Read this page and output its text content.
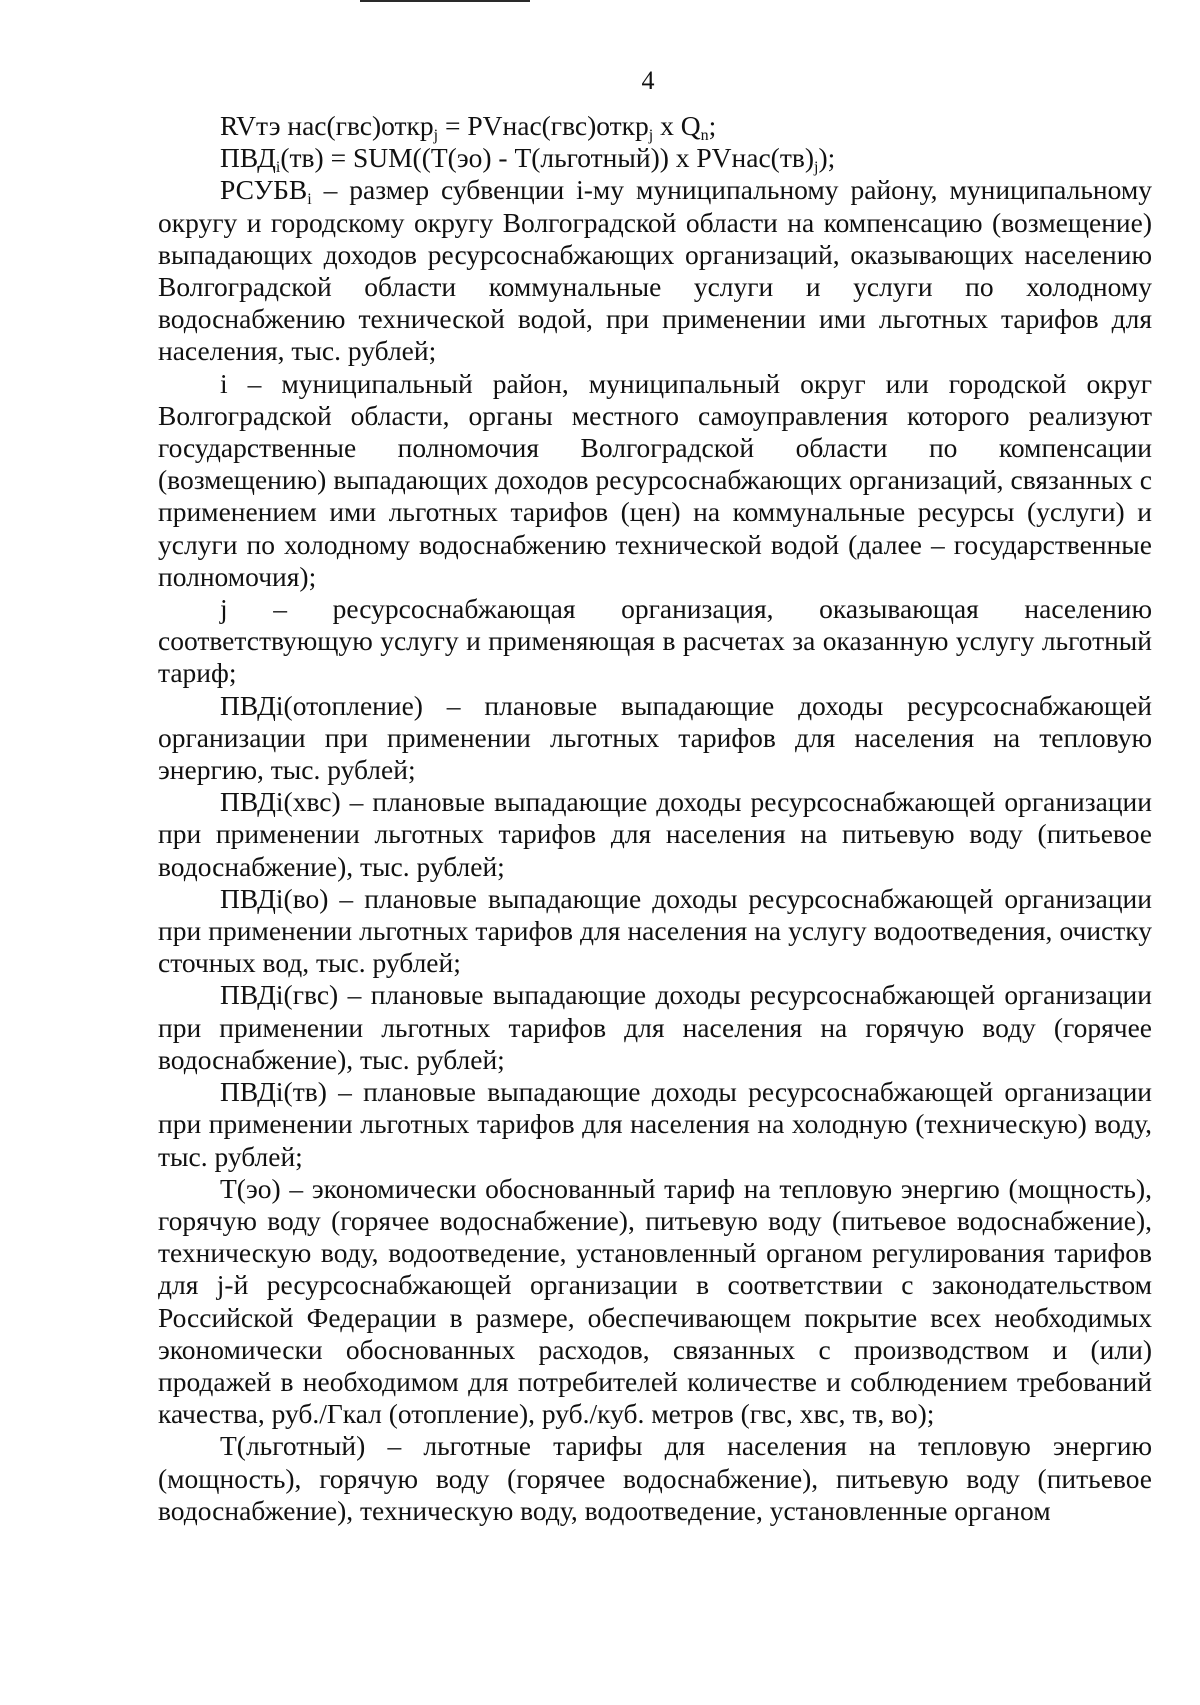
4

RVтэ нас(гвс)откр$_j$ = PVнас(гвс)откр$_j$ x $Q_n$;

$ПВД_i(тв) = SUM((Т(эо)$ - Т(льготный)) x $PVнас(тв)_j$);

$РСУБВ_i$ – размер субвенции i-му муниципальному району, муниципальному округу и городскому округу Волгоградской области на компенсацию (возмещение) выпадающих доходов ресурсоснабжающих организаций, оказывающих населению Волгоградской области коммунальные услуги и услуги по холодному водоснабжению технической водой, при применении ими льготных тарифов для населения, тыс. рублей;

i – муниципальный район, муниципальный округ или городской округ Волгоградской области, органы местного самоуправления которого реализуют государственные полномочия Волгоградской области по компенсации (возмещению) выпадающих доходов ресурсоснабжающих организаций, связанных с применением ими льготных тарифов (цен) на коммунальные ресурсы (услуги) и услуги по холодному водоснабжению технической водой (далее – государственные полномочия);

j – ресурсоснабжающая организация, оказывающая населению соответствующую услугу и применяющая в расчетах за оказанную услугу льготный тариф;

ПВДi(отопление) – плановые выпадающие доходы ресурсоснабжающей организации при применении льготных тарифов для населения на тепловую энергию, тыс. рублей;

ПВДi(хвс) – плановые выпадающие доходы ресурсоснабжающей организации при применении льготных тарифов для населения на питьевую воду (питьевое водоснабжение), тыс. рублей;

ПВДi(во) – плановые выпадающие доходы ресурсоснабжающей организации при применении льготных тарифов для населения на услугу водоотведения, очистку сточных вод, тыс. рублей;

ПВДi(гвс) – плановые выпадающие доходы ресурсоснабжающей организации при применении льготных тарифов для населения на горячую воду (горячее водоснабжение), тыс. рублей;

ПВДi(тв) – плановые выпадающие доходы ресурсоснабжающей организации при применении льготных тарифов для населения на холодную (техническую) воду, тыс. рублей;

Т(эо) – экономически обоснованный тариф на тепловую энергию (мощность), горячую воду (горячее водоснабжение), питьевую воду (питьевое водоснабжение), техническую воду, водоотведение, установленный органом регулирования тарифов для j-й ресурсоснабжающей организации в соответствии с законодательством Российской Федерации в размере, обеспечивающем покрытие всех необходимых экономически обоснованных расходов, связанных с производством и (или) продажей в необходимом для потребителей количестве и соблюдением требований качества, руб./Гкал (отопление), руб./куб. метров (гвс, хвс, тв, во);

Т(льготный) – льготные тарифы для населения на тепловую энергию (мощность), горячую воду (горячее водоснабжение), питьевую воду (питьевое водоснабжение), техническую воду, водоотведение, установленные органом
